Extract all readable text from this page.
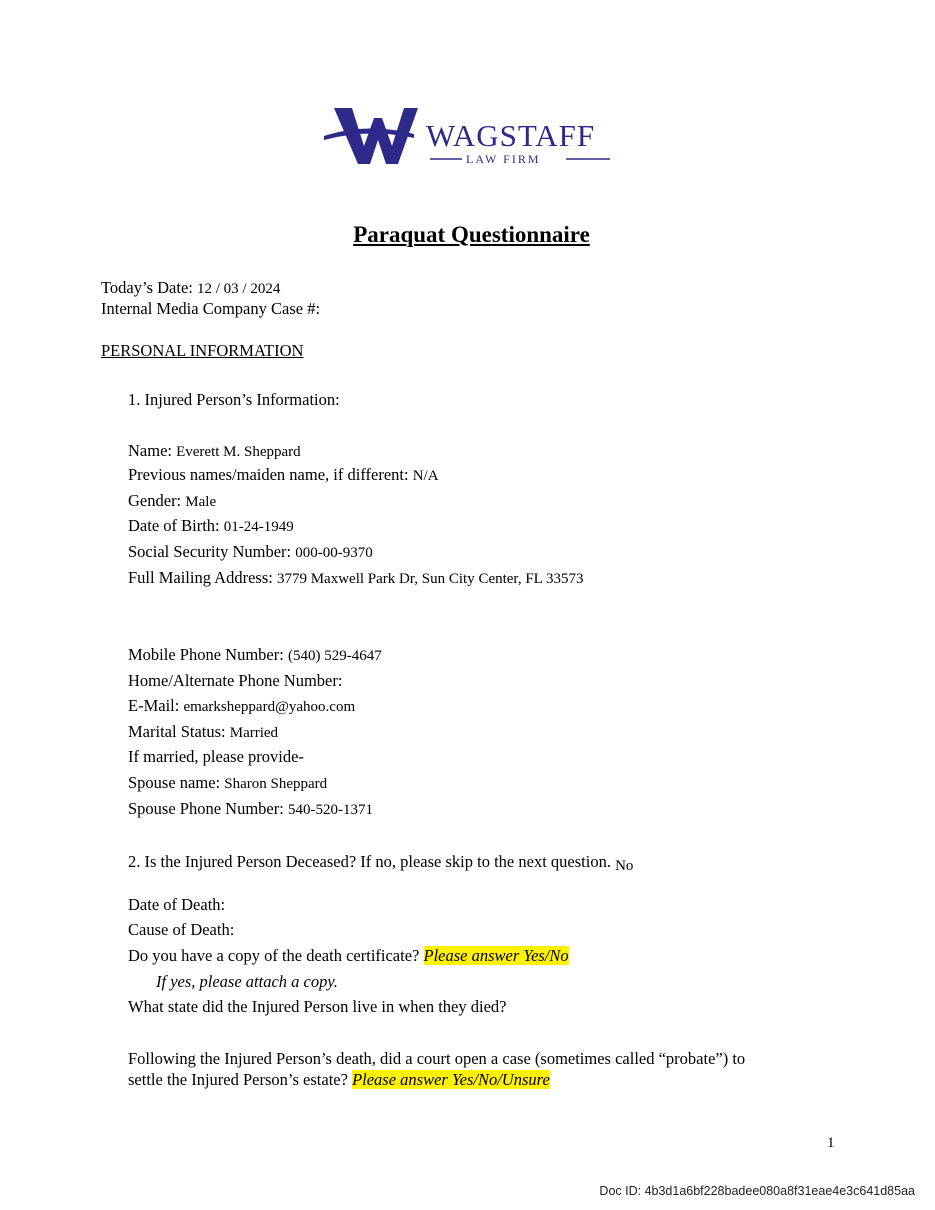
WAGSTAFF
LAW FIRM
Paraquat Questionnaire
Today’s Date: 12 / 03 / 2024
Internal Media Company Case #:
PERSONAL INFORMATION
1. Injured Person’s Information:
Name: Everett M. Sheppard
Previous names/maiden name, if different: N/A
Gender: Male
Date of Birth: 01-24-1949
Social Security Number: 000-00-9370
Full Mailing Address: 3779 Maxwell Park Dr, Sun City Center, FL 33573
Mobile Phone Number: (540) 529-4647
Home/Alternate Phone Number:
E-Mail: emarksheppard@yahoo.com
Marital Status: Married
If married, please provide-
Spouse name: Sharon Sheppard
Spouse Phone Number: 540-520-1371
2. Is the Injured Person Deceased? If no, please skip to the next question. No
Date of Death:
Cause of Death:
Do you have a copy of the death certificate? Please answer Yes/No
If yes, please attach a copy.
What state did the Injured Person live in when they died?
Following the Injured Person’s death, did a court open a case (sometimes called “probate”) to
settle the Injured Person’s estate? Please answer Yes/No/Unsure
1
Doc ID: 4b3d1a6bf228badee080a8f31eae4e3c641d85aa
